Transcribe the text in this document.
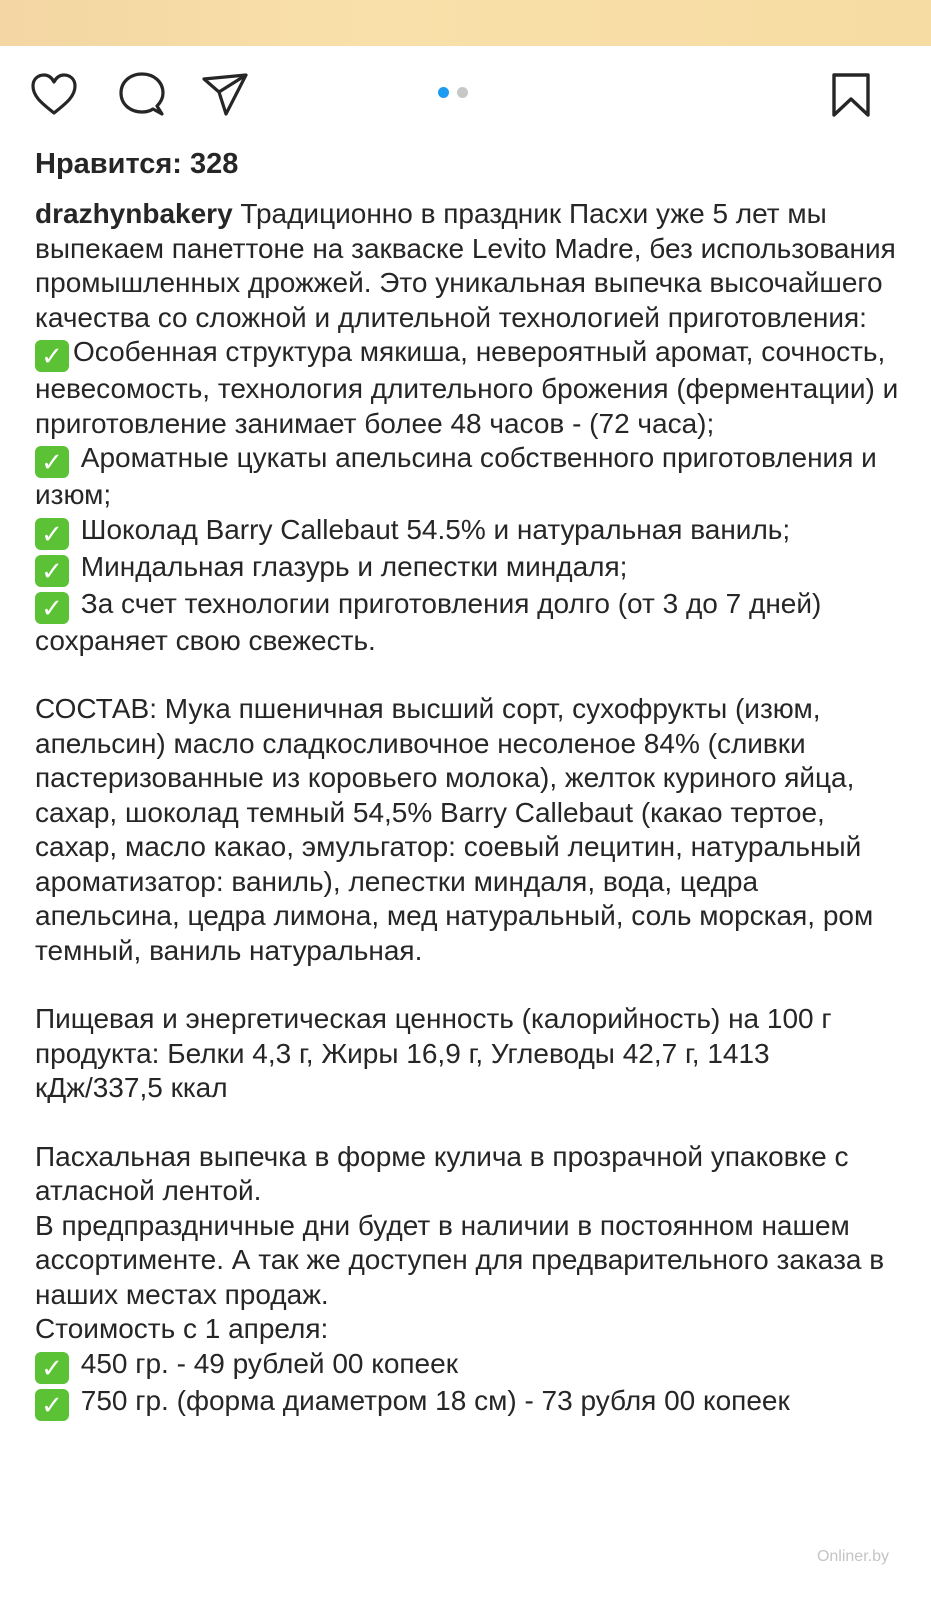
Нравится: 328

drazhynbakery Традиционно в праздник Пасхи уже 5 лет мы выпекаем панеттоне на закваске Levito Madre, без использования промышленных дрожжей. Это уникальная выпечка высочайшего качества со сложной и длительной технологией приготовления:

✓ Особенная структура мякиша, невероятный аромат, сочность, невесомость, технология длительного брожения (ферментации) и приготовление занимает более 48 часов - (72 часа);

✓ Ароматные цукаты апельсина собственного приготовления и изюм;

✓ Шоколад Barry Callebaut 54.5% и натуральная ваниль;

✓ Миндальная глазурь и лепестки миндаля;

✓ За счет технологии приготовления долго (от 3 до 7 дней) сохраняет свою свежесть.

СОСТАВ: Мука пшеничная высший сорт, сухофрукты (изюм, апельсин) масло сладкосливочное несоленое 84% (сливки пастеризованные из коровьего молока), желток куриного яйца, сахар, шоколад темный 54,5% Barry Callebaut (какао тертое, сахар, масло какао, эмульгатор: соевый лецитин, натуральный ароматизатор: ваниль), лепестки миндаля, вода, цедра апельсина, цедра лимона, мед натуральный, соль морская, ром темный, ваниль натуральная.

Пищевая и энергетическая ценность (калорийность) на 100 г продукта: Белки 4,3 г, Жиры 16,9 г, Углеводы 42,7 г, 1413 кДж/337,5 ккал

Пасхальная выпечка в форме кулича в прозрачной упаковке с атласной лентой.

В предпраздничные дни будет в наличии в постоянном нашем ассортименте. А так же доступен для предварительного заказа в наших местах продаж.

Стоимость с 1 апреля:

✓ 450 гр. - 49 рублей 00 копеек

✓ 750 гр. (форма диаметром 18 см) - 73 рубля 00 копеек

Onliner.by
